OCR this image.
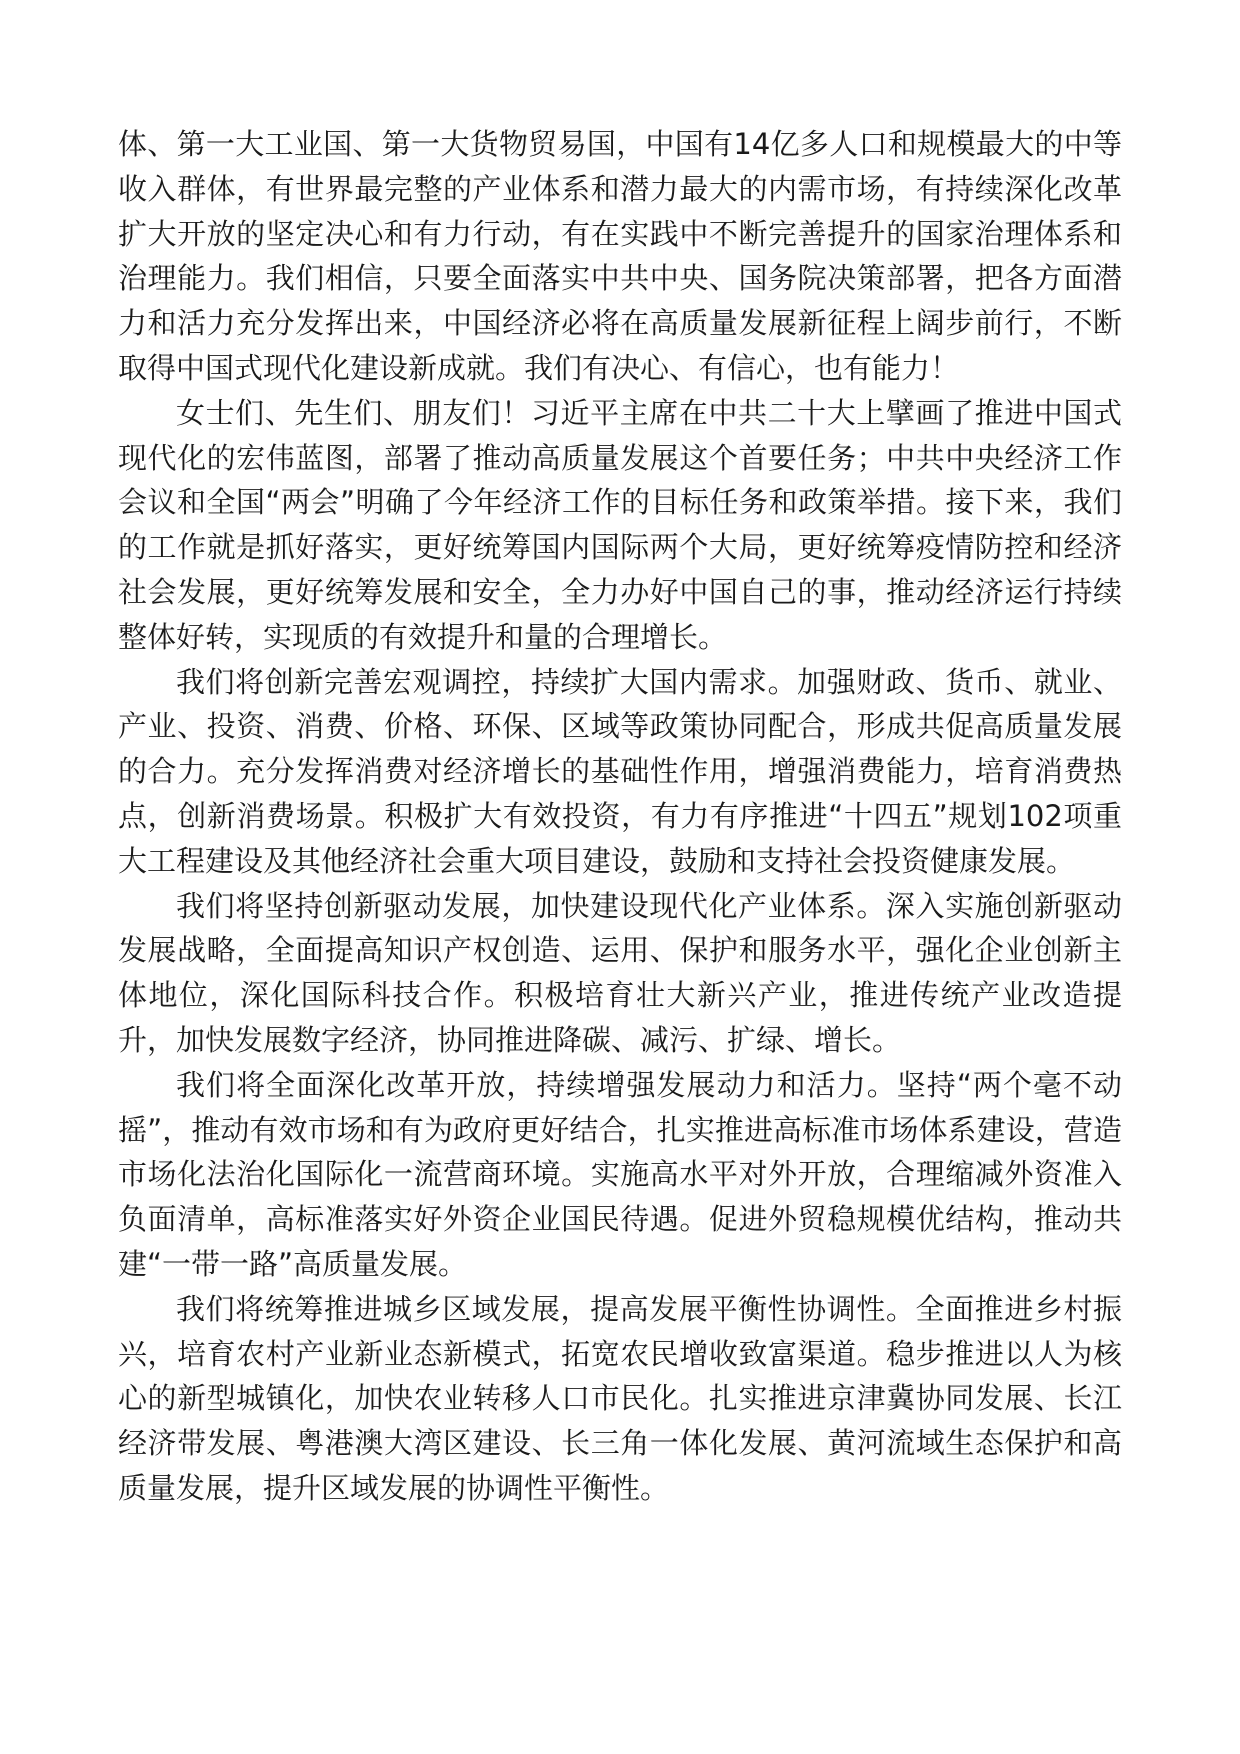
体、第一大工业国、第一大货物贸易国，中国有14亿多人口和规模最大的中等收入群体，有世界最完整的产业体系和潜力最大的内需市场，有持续深化改革扩大开放的坚定决心和有力行动，有在实践中不断完善提升的国家治理体系和治理能力。我们相信，只要全面落实中共中央、国务院决策部署，把各方面潜力和活力充分发挥出来，中国经济必将在高质量发展新征程上阔步前行，不断取得中国式现代化建设新成就。我们有决心、有信心，也有能力！

女士们、先生们、朋友们！习近平主席在中共二十大上擘画了推进中国式现代化的宏伟蓝图，部署了推动高质量发展这个首要任务；中共中央经济工作会议和全国“两会”明确了今年经济工作的目标任务和政策举措。接下来，我们的工作就是抓好落实，更好统筹国内国际两个大局，更好统筹疫情防控和经济社会发展，更好统筹发展和安全，全力办好中国自己的事，推动经济运行持续整体好转，实现质的有效提升和量的合理增长。

我们将创新完善宏观调控，持续扩大国内需求。加强财政、货币、就业、产业、投资、消费、价格、环保、区域等政策协同配合，形成共促高质量发展的合力。充分发挥消费对经济增长的基础性作用，增强消费能力，培育消费热点，创新消费场景。积极扩大有效投资，有力有序推进“十四五”规划102项重大工程建设及其他经济社会重大项目建设，鼓励和支持社会投资健康发展。

我们将坚持创新驱动发展，加快建设现代化产业体系。深入实施创新驱动发展战略，全面提高知识产权创造、运用、保护和服务水平，强化企业创新主体地位，深化国际科技合作。积极培育壮大新兴产业，推进传统产业改造提升，加快发展数字经济，协同推进降碳、减污、扩绿、增长。

我们将全面深化改革开放，持续增强发展动力和活力。坚持“两个毫不动摇”，推动有效市场和有为政府更好结合，扎实推进高标准市场体系建设，营造市场化法治化国际化一流营商环境。实施高水平对外开放，合理缩减外资准入负面清单，高标准落实好外资企业国民待遇。促进外贸稳规模优结构，推动共建“一带一路”高质量发展。

我们将统筹推进城乡区域发展，提高发展平衡性协调性。全面推进乡村振兴，培育农村产业新业态新模式，拓宽农民增收致富渠道。稳步推进以人为核心的新型城镇化，加快农业转移人口市民化。扎实推进京津冀协同发展、长江经济带发展、粤港澳大湾区建设、长三角一体化发展、黄河流域生态保护和高质量发展，提升区域发展的协调性平衡性。
